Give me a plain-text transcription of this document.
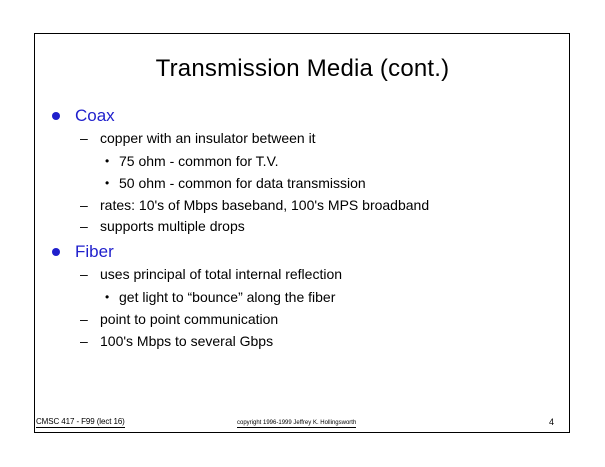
Transmission Media (cont.)
Coax
– copper with an insulator between it
• 75 ohm - common for T.V.
• 50 ohm - common for data transmission
– rates: 10's of Mbps baseband, 100's MPS broadband
– supports multiple drops
Fiber
– uses principal of total internal reflection
• get light to “bounce” along the fiber
– point to point communication
– 100's Mbps to several Gbps
CMSC 417 - F99 (lect 16)	copyright 1996-1999 Jeffrey K. Hollingsworth	4
